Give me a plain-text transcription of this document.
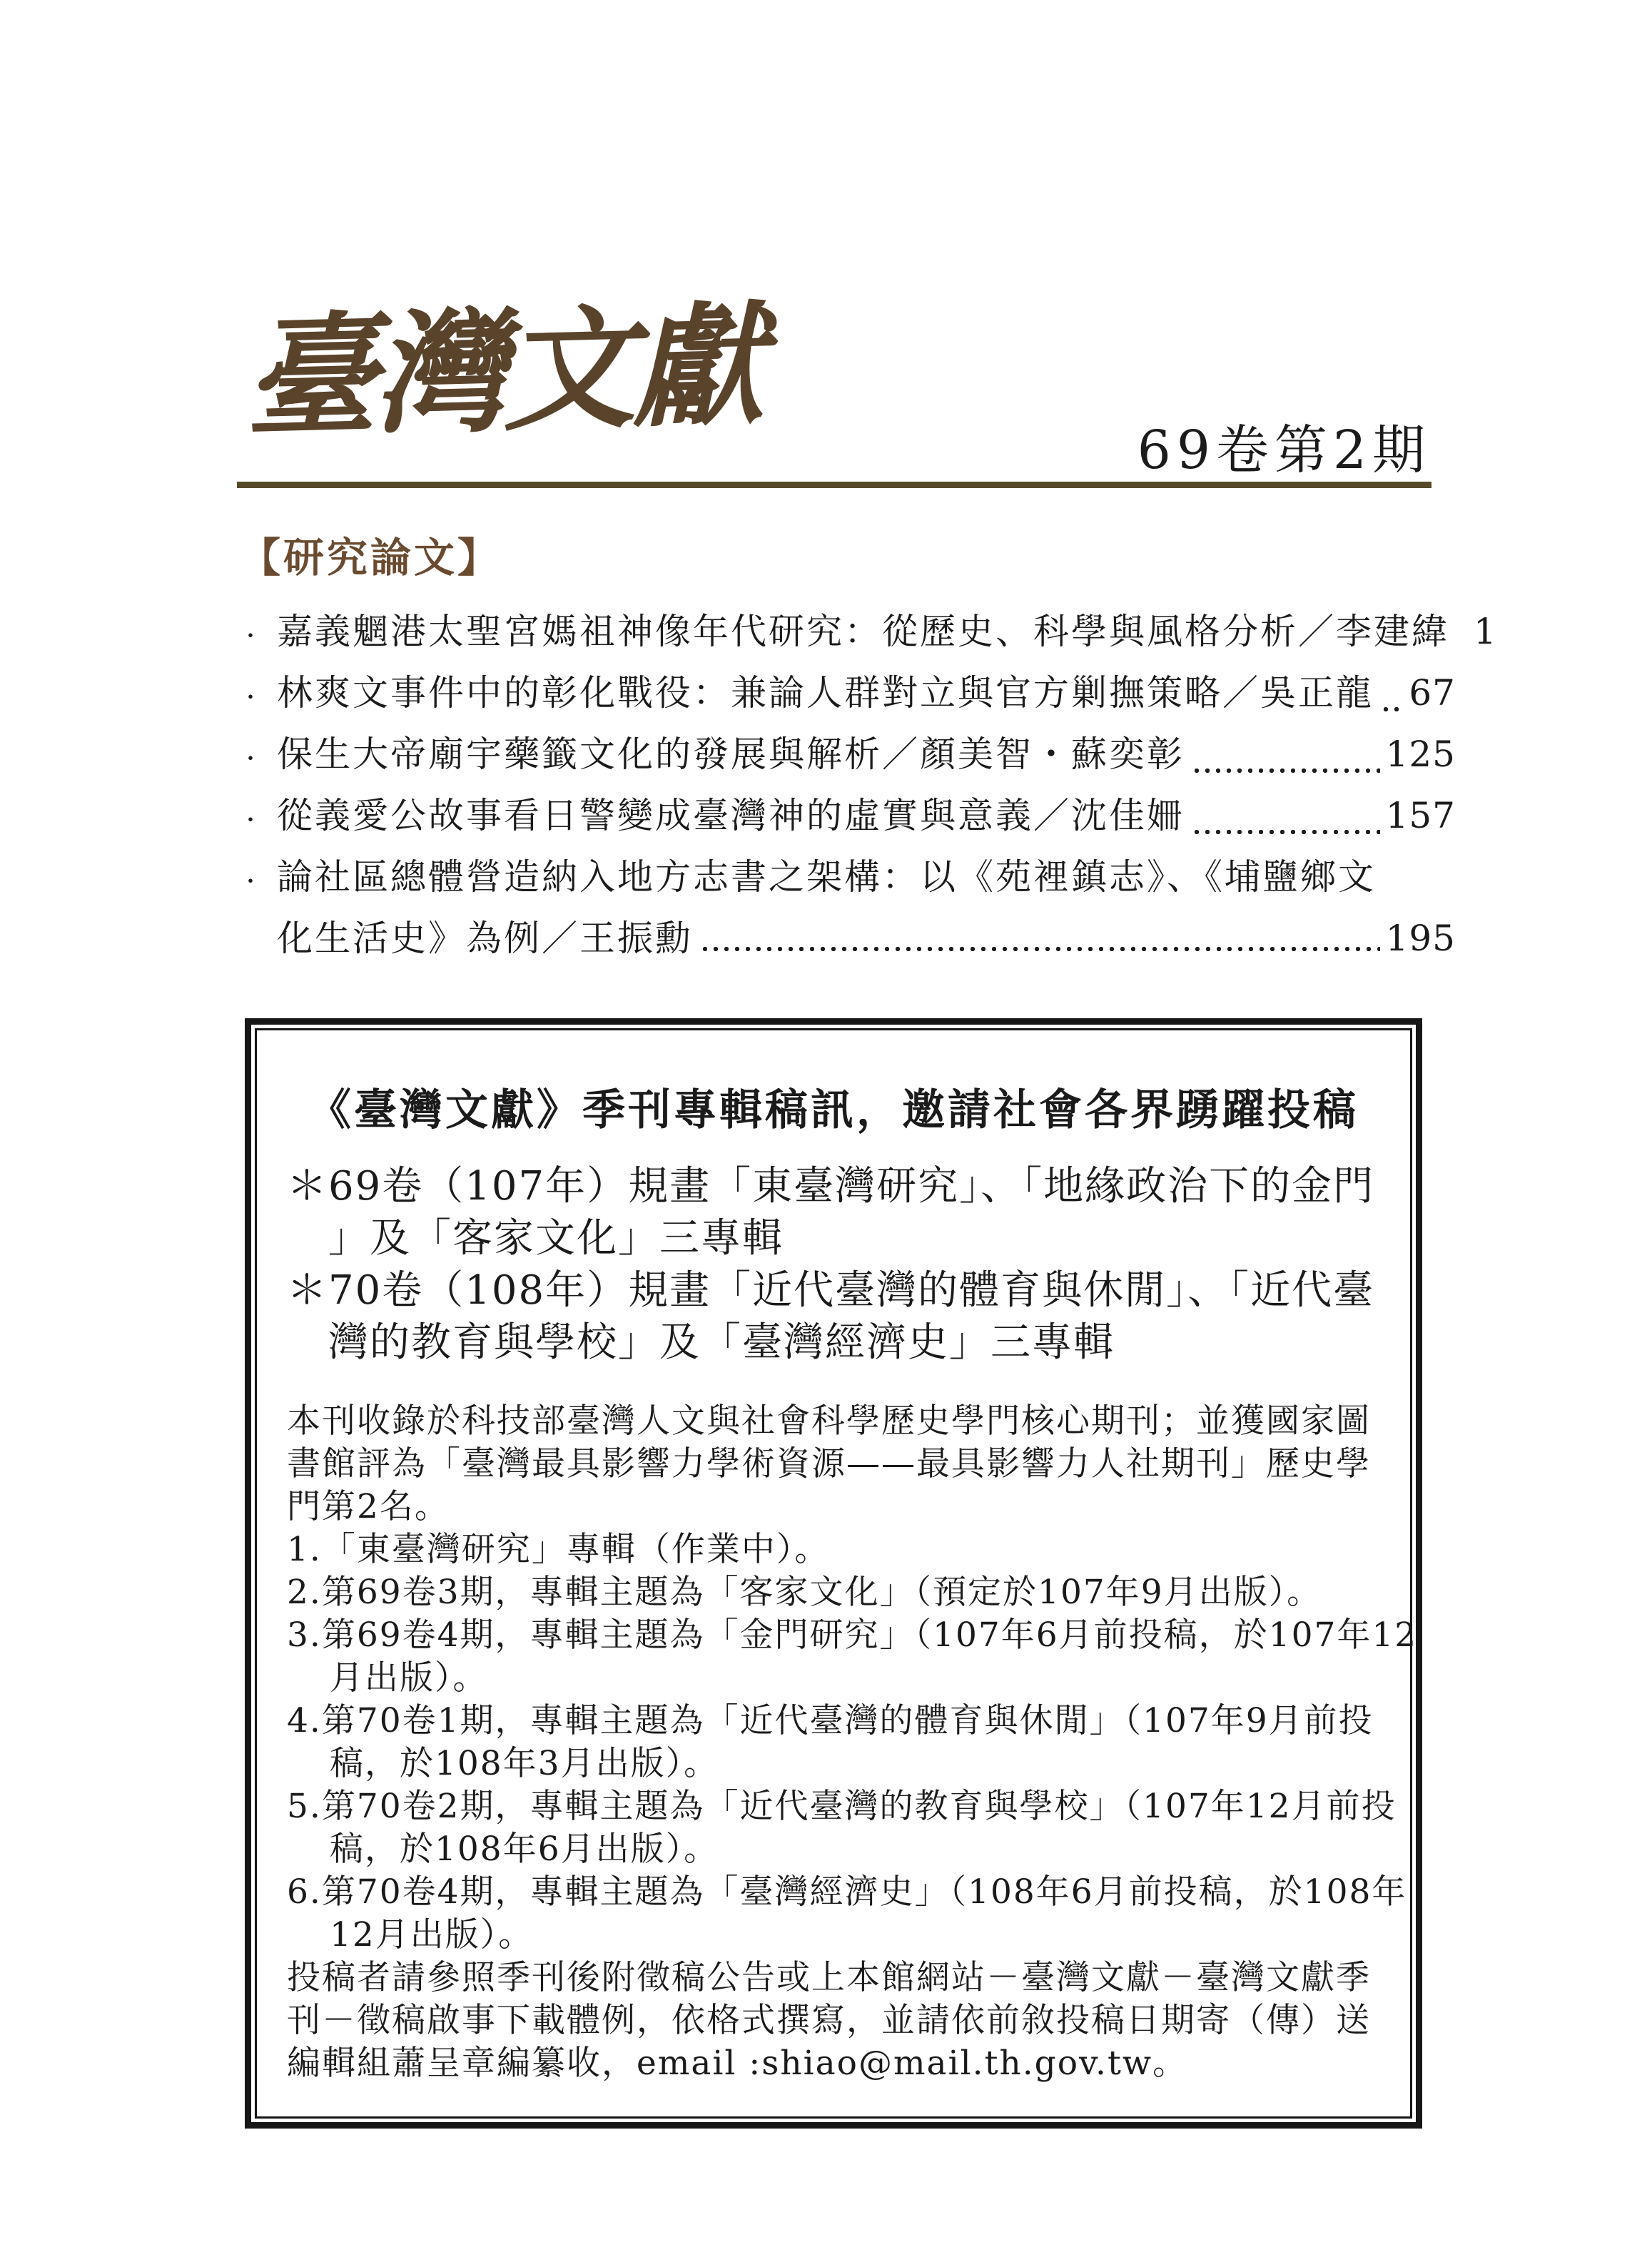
臺灣文獻	69卷第2期
【研究論文】
・ 嘉義魍港太聖宮媽祖神像年代研究：從歷史、科學與風格分析／李建緯 1
・ 林爽文事件中的彰化戰役：兼論人群對立與官方剿撫策略／吳正龍 67
・ 保生大帝廟宇藥籤文化的發展與解析／顏美智・蘇奕彰	125
・ 從義愛公故事看日警變成臺灣神的虛實與意義／沈佳姍	157
・ 論社區總體營造納入地方志書之架構：以《苑裡鎮志》、《埔鹽鄉文
化生活史》為例／王振勳	195
《臺灣文獻》季刊專輯稿訊，邀請社會各界踴躍投稿
＊69卷（107年）規畫「東臺灣研究」、「地緣政治下的金門
」及「客家文化」三專輯
＊70卷（108年）規畫「近代臺灣的體育與休閒」、「近代臺
灣的教育與學校」及「臺灣經濟史」三專輯
本刊收錄於科技部臺灣人文與社會科學歷史學門核心期刊；並獲國家圖
書館評為「臺灣最具影響力學術資源——最具影響力人社期刊」歷史學
門第2名。
1.「東臺灣研究」專輯（作業中）。
2.第69卷3期，專輯主題為「客家文化」（預定於107年9月出版）。
3.第69卷4期，專輯主題為「金門研究」（107年6月前投稿，於107年12
月出版）。
4.第70卷1期，專輯主題為「近代臺灣的體育與休閒」（107年9月前投
稿，於108年3月出版）。
5.第70卷2期，專輯主題為「近代臺灣的教育與學校」（107年12月前投
稿，於108年6月出版）。
6.第70卷4期，專輯主題為「臺灣經濟史」（108年6月前投稿，於108年
12月出版）。
投稿者請參照季刊後附徵稿公告或上本館網站－臺灣文獻－臺灣文獻季
刊－徵稿啟事下載體例，依格式撰寫，並請依前敘投稿日期寄（傳）送
編輯組蕭呈章編纂收，email :shiao@mail.th.gov.tw。
